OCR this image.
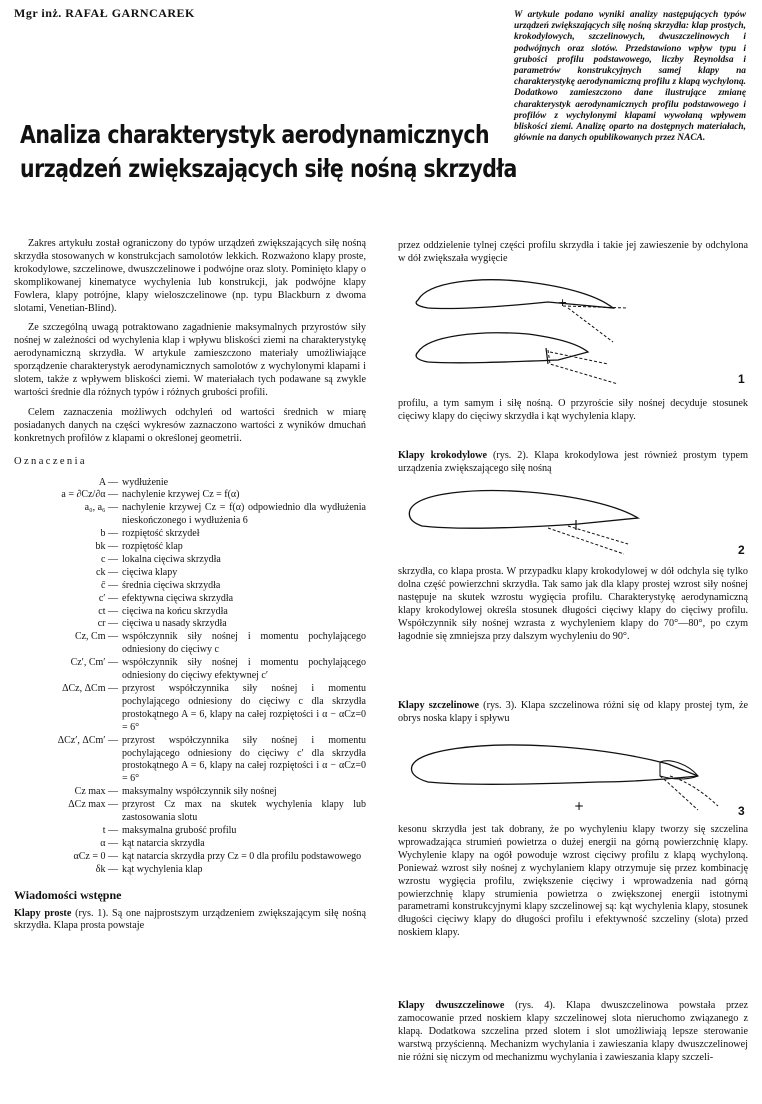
Mgr inż. RAFAŁ GARNCAREK
Analiza charakterystyk aerodynamicznych
urządzeń zwiększających siłę nośną skrzydła
W artykule podano wyniki analizy następujących typów urządzeń zwiększających siłę nośną skrzydła: klap prostych, krokodylowych, szczelinowych, dwuszczelinowych i podwójnych oraz slotów. Przedstawiono wpływ typu i grubości profilu podstawowego, liczby Reynoldsa i parametrów konstrukcyjnych samej klapy na charakterystykę aerodynamiczną profilu z klapą wychyloną. Dodatkowo zamieszczono dane ilustrujące zmianę charakterystyk aerodynamicznych profilu podstawowego i profilów z wychylonymi klapami wywołaną wpływem bliskości ziemi. Analizę oparto na dostępnych materiałach, głównie na danych opublikowanych przez NACA.

Zakres artykułu został ograniczony do typów urządzeń zwiększających siłę nośną skrzydła stosowanych w konstrukcjach samolotów lekkich. Rozważono klapy proste, krokodylowe, szczelinowe, dwuszczelinowe i podwójne oraz sloty. Pominięto klapy o skomplikowanej kinematyce wychylenia lub konstrukcji, jak podwójne klapy Fowlera, klapy potrójne, klapy wieloszczelinowe (np. typu Blackburn z dwoma slotami, Venetian-Blind).

Ze szczególną uwagą potraktowano zagadnienie maksymalnych przyrostów siły nośnej w zależności od wychylenia klap i wpływu bliskości ziemi na charakterystykę aerodynamiczną skrzydła. W artykule zamieszczono materiały umożliwiające sporządzenie charakterystyk aerodynamicznych samolotów z wychylonymi klapami i slotem, także z wpływem bliskości ziemi. W materiałach tych podawane są zwykle wartości średnie dla różnych typów i różnych grubości profili.

Celem zaznaczenia możliwych odchyleń od wartości średnich w miarę posiadanych danych na części wykresów zaznaczono wartości z wyników dmuchań konkretnych profilów z klapami o określonej geometrii.

Oznaczenia
A — wydłużenie
a = ∂Cz/∂α — nachylenie krzywej Cz = f(α)
a₀, a₆ — nachylenie krzywej Cz = f(α) odpowiednio dla wydłużenia nieskończonego i wydłużenia 6
b — rozpiętość skrzydeł
bk — rozpiętość klap
c — lokalna cięciwa skrzydła
ck — cięciwa klapy
c̄ — średnia cięciwa skrzydła
c′ — efektywna cięciwa skrzydła
ct — cięciwa na końcu skrzydła
cr — cięciwa u nasady skrzydła
Cz, Cm — współczynnik siły nośnej i momentu pochylającego odniesiony do cięciwy c
Cz′, Cm′ — współczynnik siły nośnej i momentu pochylającego odniesiony do cięciwy efektywnej c′
ΔCz, ΔCm — przyrost współczynnika siły nośnej i momentu pochylającego odniesiony do cięciwy c dla skrzydła prostokątnego A = 6, klapy na całej rozpiętości i α − αCz=0 = 6°
ΔCz′, ΔCm′ — przyrost współczynnika siły nośnej i momentu pochylającego odniesiony do cięciwy c′ dla skrzydła prostokątnego A = 6, klapy na całej rozpiętości i α − αCz=0 = 6°
Cz max — maksymalny współczynnik siły nośnej
ΔCz max — przyrost Cz max na skutek wychylenia klapy lub zastosowania slotu
t — maksymalna grubość profilu
α — kąt natarcia skrzydła
αCz = 0 — kąt natarcia skrzydła przy Cz = 0 dla profilu podstawowego
δk — kąt wychylenia klap
Wiadomości wstępne

Klapy proste (rys. 1). Są one najprostszym urządzeniem zwiększającym siłę nośną skrzydła. Klapa prosta powstaje

przez oddzielenie tylnej części profilu skrzydła i takie jej zawieszenie by odchylona w dół zwiększała wygięcie

+
1

profilu, a tym samym i siłę nośną. O przyroście siły nośnej decyduje stosunek cięciwy klapy do cięciwy skrzydła i kąt wychylenia klapy.

Klapy krokodylowe (rys. 2). Klapa krokodylowa jest również prostym typem urządzenia zwiększającego siłę nośną

2

skrzydła, co klapa prosta. W przypadku klapy krokodylowej w dół odchyla się tylko dolna część powierzchni skrzydła. Tak samo jak dla klapy prostej wzrost siły nośnej następuje na skutek wzrostu wygięcia profilu. Charakterystykę aerodynamiczną klapy krokodylowej określa stosunek długości cięciwy klapy do cięciwy profilu. Współczynnik siły nośnej wzrasta z wychyleniem klapy do 70°—80°, po czym łagodnie się zmniejsza przy dalszym wychyleniu do 90°.

Klapy szczelinowe (rys. 3). Klapa szczelinowa różni się od klapy prostej tym, że obrys noska klapy i spływu

+	3

kesonu skrzydła jest tak dobrany, że po wychyleniu klapy tworzy się szczelina wprowadzająca strumień powietrza o dużej energii na górną powierzchnię klapy. Wychylenie klapy na ogół powoduje wzrost cięciwy profilu z klapą wychyloną. Ponieważ wzrost siły nośnej z wychylaniem klapy otrzymuje się przez kombinację wzrostu wygięcia profilu, zwiększenie cięciwy i wprowadzenia nad górną powierzchnię klapy strumienia powietrza o zwiększonej energii istotnymi parametrami konstrukcyjnymi klapy szczelinowej są: kąt wychylenia klapy, stosunek długości cięciwy klapy do długości profilu i efektywność szczeliny (slota) przed noskiem klapy.

Klapy dwuszczelinowe (rys. 4). Klapa dwuszczelinowa powstała przez zamocowanie przed noskiem klapy szczelinowej slota nieruchomo związanego z klapą. Dodatkowa szczelina przed slotem i slot umożliwiają lepsze sterowanie warstwą przyścienną. Mechanizm wychylania i zawieszania klapy dwuszczelinowej nie różni się niczym od mechanizmu wychylania i zawieszania klapy szczeli-
